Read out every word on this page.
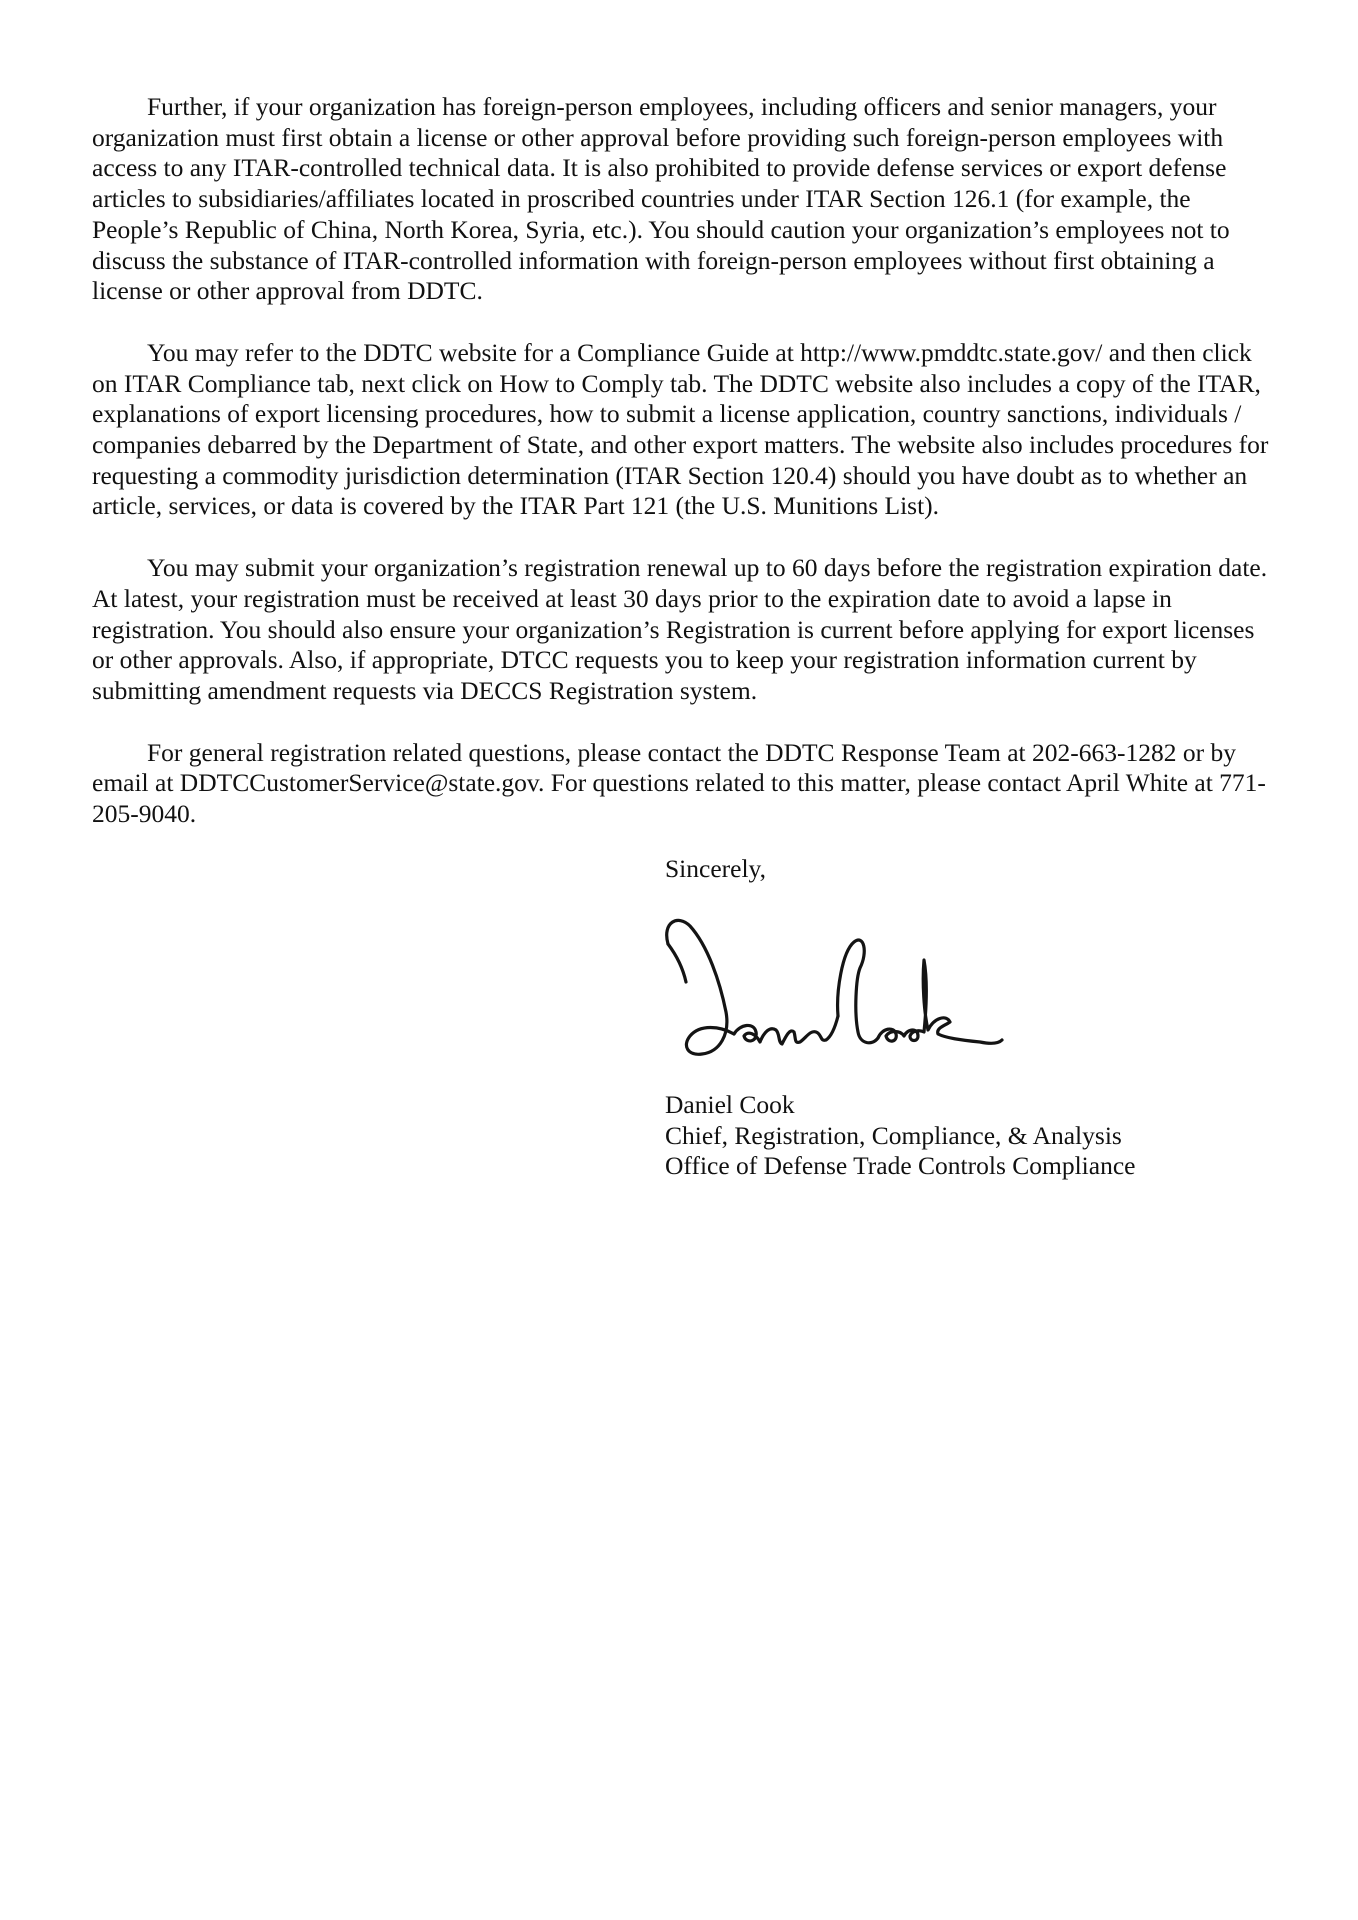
Further, if your organization has foreign-person employees, including officers and senior managers, your organization must first obtain a license or other approval before providing such foreign-person employees with access to any ITAR-controlled technical data. It is also prohibited to provide defense services or export defense articles to subsidiaries/affiliates located in proscribed countries under ITAR Section 126.1 (for example, the People’s Republic of China, North Korea, Syria, etc.). You should caution your organization’s employees not to discuss the substance of ITAR-controlled information with foreign-person employees without first obtaining a license or other approval from DDTC.

You may refer to the DDTC website for a Compliance Guide at http://www.pmddtc.state.gov/ and then click on ITAR Compliance tab, next click on How to Comply tab. The DDTC website also includes a copy of the ITAR, explanations of export licensing procedures, how to submit a license application, country sanctions, individuals / companies debarred by the Department of State, and other export matters. The website also includes procedures for requesting a commodity jurisdiction determination (ITAR Section 120.4) should you have doubt as to whether an article, services, or data is covered by the ITAR Part 121 (the U.S. Munitions List).

You may submit your organization’s registration renewal up to 60 days before the registration expiration date. At latest, your registration must be received at least 30 days prior to the expiration date to avoid a lapse in registration. You should also ensure your organization’s Registration is current before applying for export licenses or other approvals. Also, if appropriate, DTCC requests you to keep your registration information current by submitting amendment requests via DECCS Registration system.

For general registration related questions, please contact the DDTC Response Team at 202-663-1282 or by email at DDTCCustomerService@state.gov. For questions related to this matter, please contact April White at 771-205-9040.

Sincerely,
Daniel Cook
Chief, Registration, Compliance, & Analysis
Office of Defense Trade Controls Compliance
